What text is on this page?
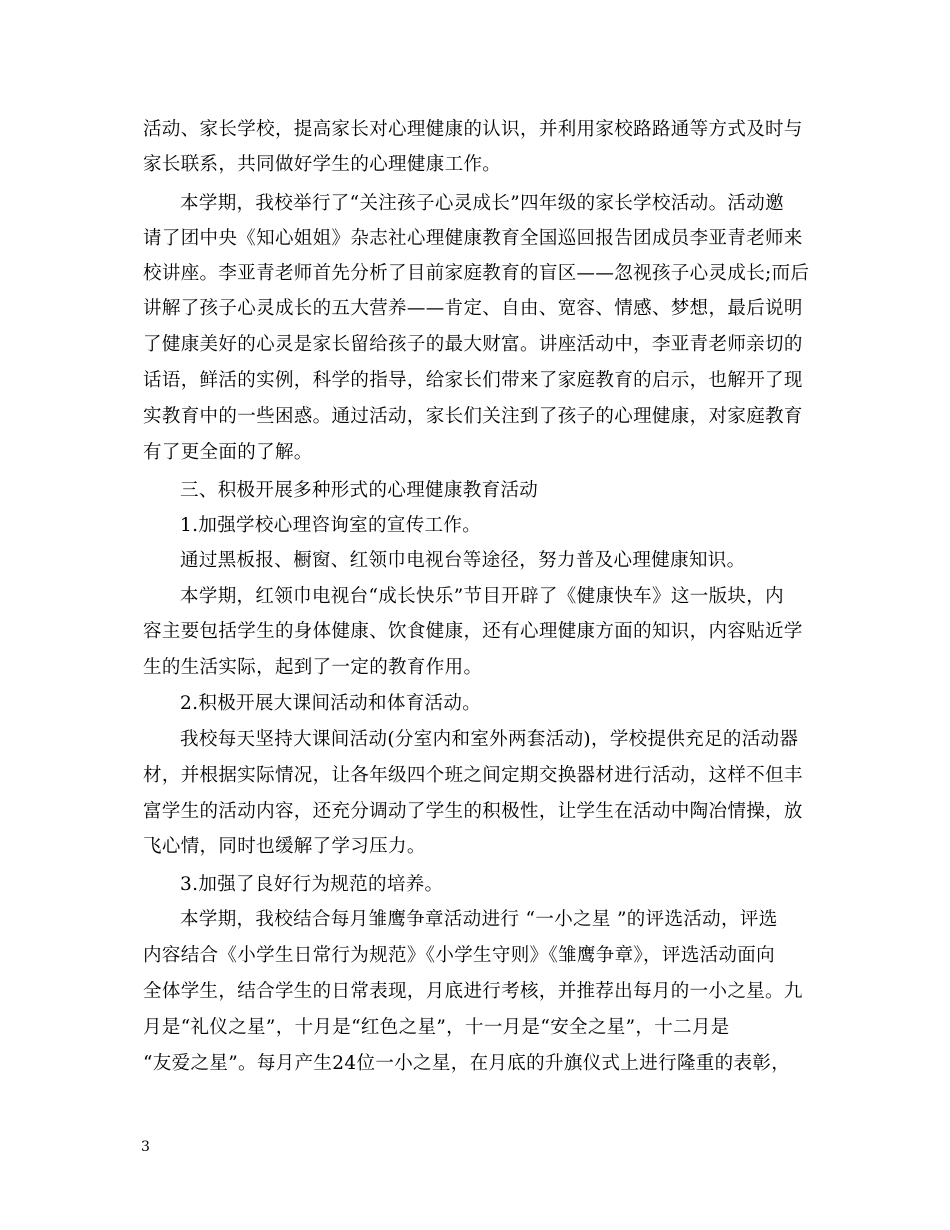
活动、家长学校，提高家长对心理健康的认识，并利用家校路路通等方式及时与
家长联系，共同做好学生的心理健康工作。
本学期，我校举行了“关注孩子心灵成长”四年级的家长学校活动。活动邀
请了团中央《知心姐姐》杂志社心理健康教育全国巡回报告团成员李亚青老师来
校讲座。李亚青老师首先分析了目前家庭教育的盲区——忽视孩子心灵成长;而后
讲解了孩子心灵成长的五大营养——肯定、自由、宽容、情感、梦想，最后说明
了健康美好的心灵是家长留给孩子的最大财富。讲座活动中，李亚青老师亲切的
话语，鲜活的实例，科学的指导，给家长们带来了家庭教育的启示，也解开了现
实教育中的一些困惑。通过活动，家长们关注到了孩子的心理健康，对家庭教育
有了更全面的了解。
三、积极开展多种形式的心理健康教育活动
1.加强学校心理咨询室的宣传工作。
通过黑板报、橱窗、红领巾电视台等途径，努力普及心理健康知识。
本学期，红领巾电视台“成长快乐”节目开辟了《健康快车》这一版块，内
容主要包括学生的身体健康、饮食健康，还有心理健康方面的知识，内容贴近学
生的生活实际，起到了一定的教育作用。
2.积极开展大课间活动和体育活动。
我校每天坚持大课间活动(分室内和室外两套活动)，学校提供充足的活动器
材，并根据实际情况，让各年级四个班之间定期交换器材进行活动，这样不但丰
富学生的活动内容，还充分调动了学生的积极性，让学生在活动中陶冶情操，放
飞心情，同时也缓解了学习压力。
3.加强了良好行为规范的培养。
本学期，我校结合每月雏鹰争章活动进行 “一小之星 ”的评选活动，评选
内容结合《小学生日常行为规范》《小学生守则》《雏鹰争章》，评选活动面向
全体学生，结合学生的日常表现，月底进行考核，并推荐出每月的一小之星。九
月是“礼仪之星”，十月是“红色之星”，十一月是“安全之星”，十二月是
“友爱之星”。每月产生24位一小之星，在月底的升旗仪式上进行隆重的表彰，
3
